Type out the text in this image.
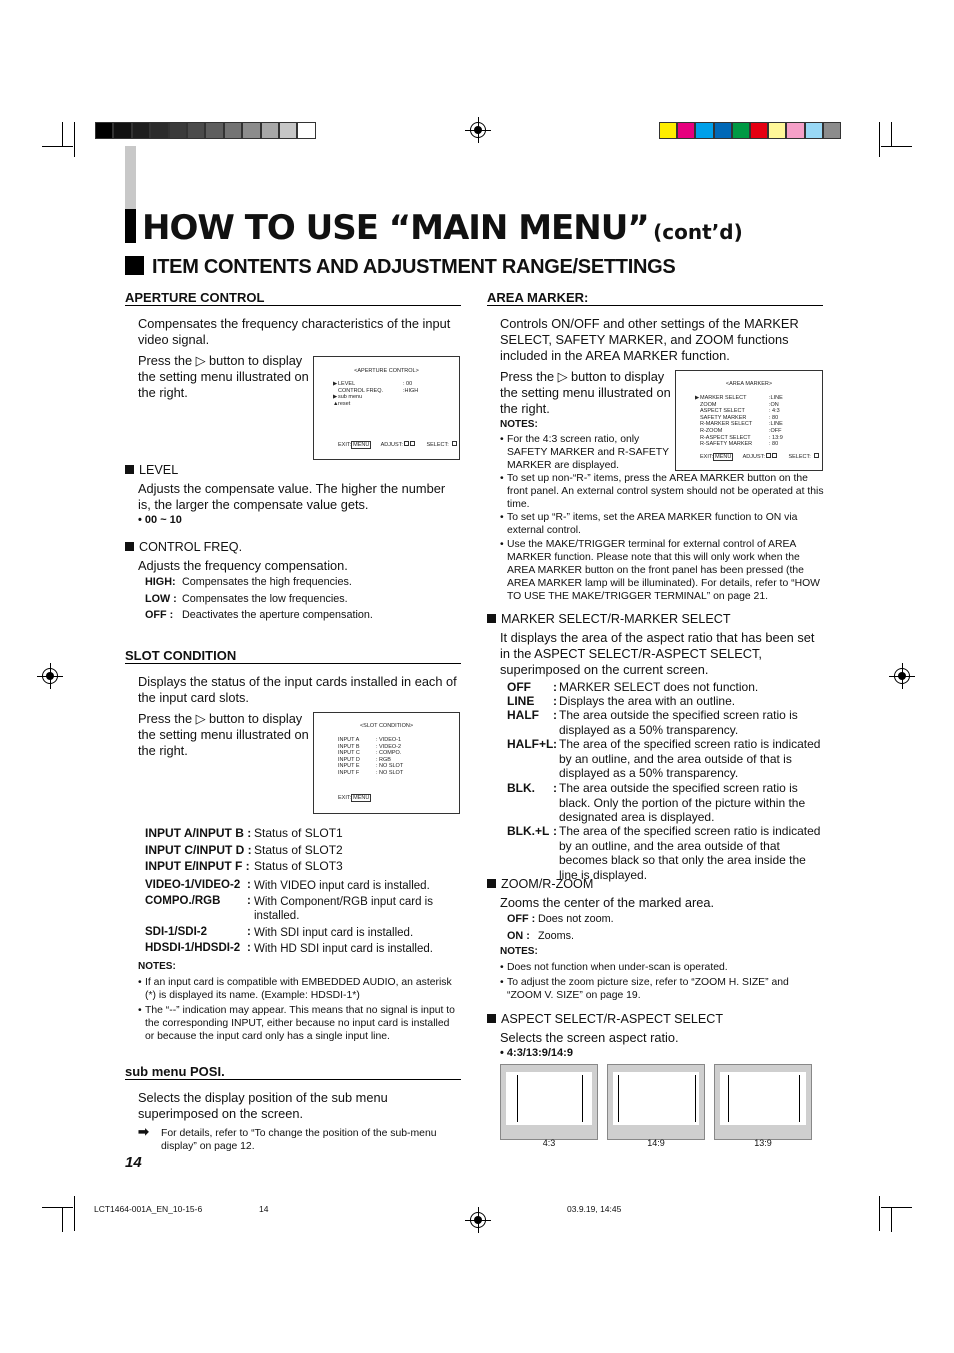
HOW TO USE “MAIN MENU” (cont’d)
ITEM CONTENTS AND ADJUSTMENT RANGE/SETTINGS
APERTURE CONTROL
Compensates the frequency characteristics of the input video signal.
Press the ▷ button to display the setting menu illustrated on the right.
<APERTURE CONTROL>
▶ LEVEL	: 00
CONTROL FREQ.	:HIGH
▶ sub menu
▲ reset
EXIT: MENU ADJUST:	SELECT:
LEVEL
Adjusts the compensate value. The higher the number is, the larger the compensate value gets.
• 00 ~ 10
CONTROL FREQ.
Adjusts the frequency compensation.
HIGH: Compensates the high frequencies.
LOW : Compensates the low frequencies.
OFF : Deactivates the aperture compensation.
SLOT CONDITION
Displays the status of the input cards installed in each of the input card slots.
Press the ▷ button to display the setting menu illustrated on the right.
<SLOT CONDITION>
INPUT A	: VIDEO-1
INPUT B	: VIDEO-2
INPUT C	: COMPO.
INPUT D	: RGB
INPUT E	: NO SLOT
INPUT F	: NO SLOT
EXIT: MENU
INPUT A/INPUT B : Status of SLOT1
INPUT C/INPUT D : Status of SLOT2
INPUT E/INPUT F : Status of SLOT3
VIDEO-1/VIDEO-2 : With VIDEO input card is installed.
COMPO./RGB : With Component/RGB input card is installed.
SDI-1/SDI-2	: With SDI input card is installed.
HDSDI-1/HDSDI-2 : With HD SDI input card is installed.
NOTES:
• If an input card is compatible with EMBEDDED AUDIO, an asterisk (*) is displayed its name. (Example: HDSDI-1*)
• The “--” indication may appear. This means that no signal is input to the corresponding INPUT, either because no input card is installed or because the input card only has a single input line.
sub menu POSI.
Selects the display position of the sub menu superimposed on the screen.
➡ For details, refer to “To change the position of the sub-menu display” on page 12.
14
AREA MARKER:
Controls ON/OFF and other settings of the MARKER SELECT, SAFETY MARKER, and ZOOM functions included in the AREA MARKER function.
Press the ▷ button to display the setting menu illustrated on the right.
<AREA MARKER>
▶ MARKER SELECT	:LINE
ZOOM	:ON
ASPECT SELECT	: 4:3
SAFETY MARKER	: 80
R-MARKER SELECT	:LINE
R-ZOOM	:OFF
R-ASPECT SELECT	: 13:9
R-SAFETY MARKER	: 80
EXIT: MENU ADJUST:	SELECT:
NOTES:
• For the 4:3 screen ratio, only SAFETY MARKER and R-SAFETY MARKER are displayed.
• To set up non-“R-” items, press the AREA MARKER button on the front panel. An external control system should not be operated at this time.
• To set up “R-” items, set the AREA MARKER function to ON via external control.
• Use the MAKE/TRIGGER terminal for external control of AREA MARKER function. Please note that this will only work when the AREA MARKER button on the front panel has been pressed (the AREA MARKER lamp will be illuminated). For details, refer to “HOW TO USE THE MAKE/TRIGGER TERMINAL” on page 21.
MARKER SELECT/R-MARKER SELECT
It displays the area of the aspect ratio that has been set in the ASPECT SELECT/R-ASPECT SELECT, superimposed on the current screen.
OFF : MARKER SELECT does not function.
LINE : Displays the area with an outline.
HALF : The area outside the specified screen ratio is displayed as a 50% transparency.
HALF+L : The area of the specified screen ratio is indicated by an outline, and the area outside of that is displayed as a 50% transparency.
BLK. : The area outside the specified screen ratio is black. Only the portion of the picture within the designated area is displayed.
BLK.+L : The area of the specified screen ratio is indicated by an outline, and the area outside of that becomes black so that only the area inside the line is displayed.
ZOOM/R-ZOOM
Zooms the center of the marked area.
OFF : Does not zoom.
ON : Zooms.
NOTES:
• Does not function when under-scan is operated.
• To adjust the zoom picture size, refer to “ZOOM H. SIZE” and “ZOOM V. SIZE” on page 19.
ASPECT SELECT/R-ASPECT SELECT
Selects the screen aspect ratio.
• 4:3/13:9/14:9
4:3	14:9	13:9
LCT1464-001A_EN_10-15-6	14	03.9.19, 14:45
